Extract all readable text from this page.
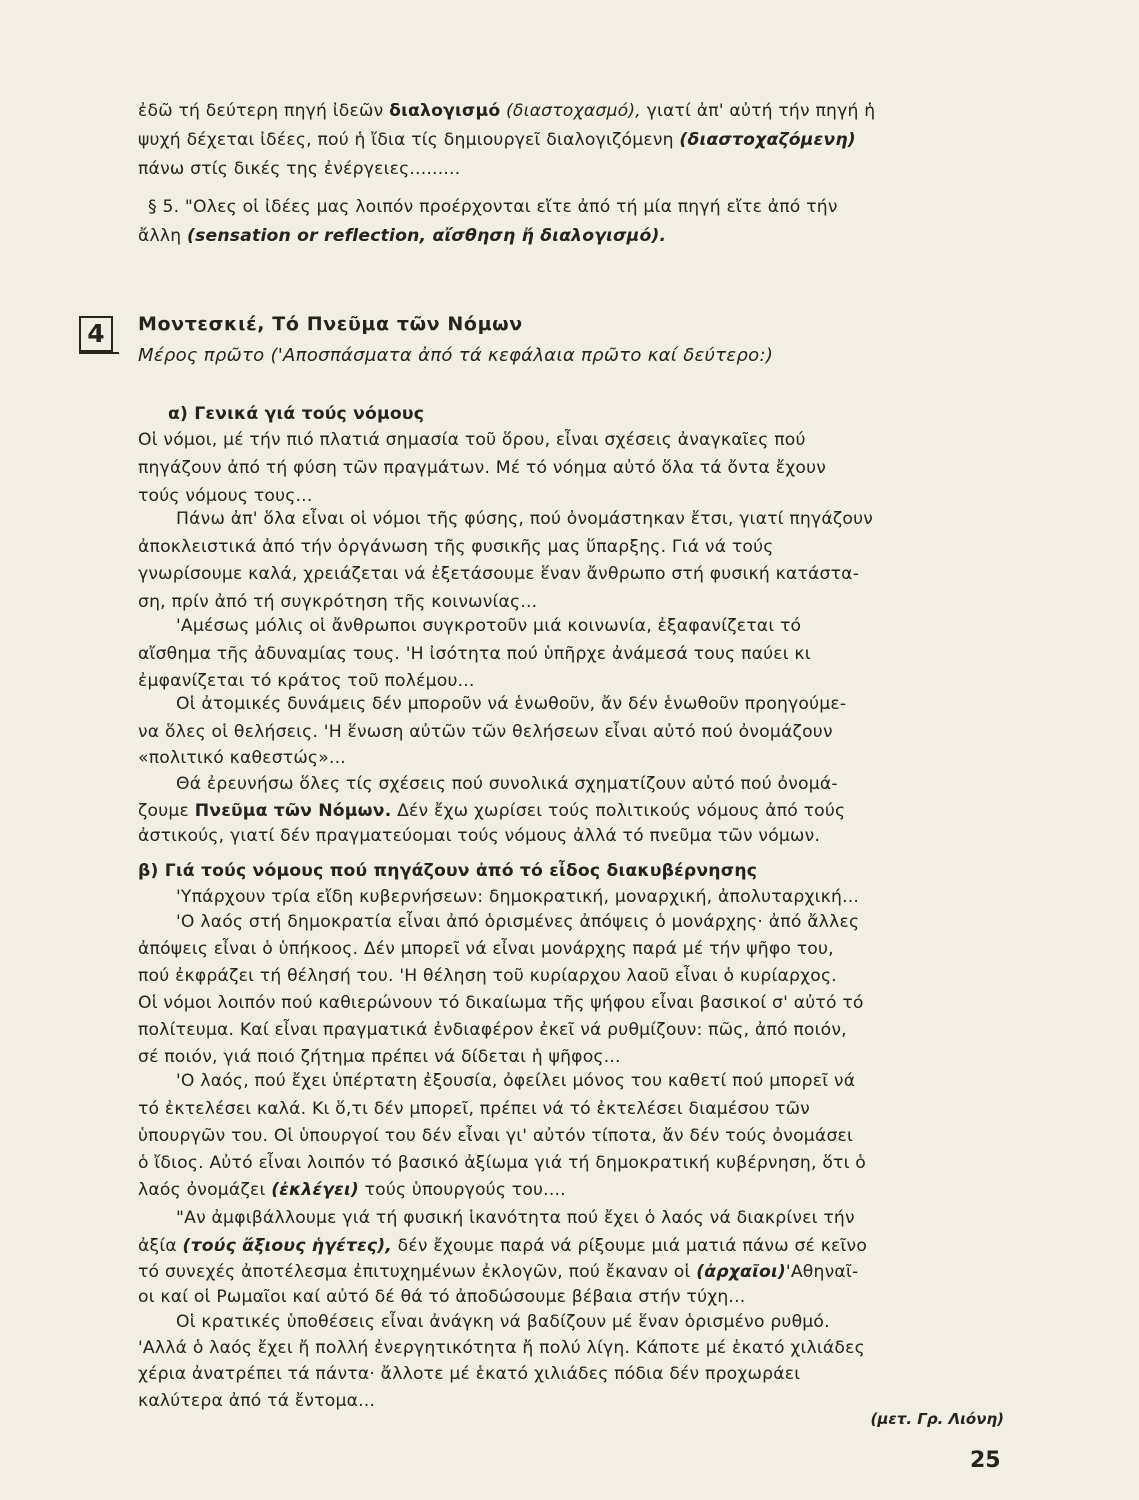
ἐδῶ τή δεύτερη πηγή ἰδεῶν διαλογισμό (διαστοχασμό), γιατί ἀπ' αὐτή τήν πηγή ἡ
ψυχή δέχεται ἰδέες, πού ἡ ἴδια τίς δημιουργεῖ διαλογιζόμενη (διαστοχαζόμενη)
πάνω στίς δικές της ἐνέργειες.........
§ 5. "Ολες οἱ ἰδέες μας λοιπόν προέρχονται εἴτε ἀπό τή μία πηγή εἴτε ἀπό τήν
ἄλλη (sensation or reflection, αἴσθηση ἤ διαλογισμό).
4	Μοντεσκιέ, Τό Πνεῦμα τῶν Νόμων
Μέρος πρῶτο ('Αποσπάσματα ἀπό τά κεφάλαια πρῶτο καί δεύτερο:)
α) Γενικά γιά τούς νόμους
Οἱ νόμοι, μέ τήν πιό πλατιά σημασία τοῦ ὅρου, εἶναι σχέσεις ἀναγκαῖες πού
πηγάζουν ἀπό τή φύση τῶν πραγμάτων. Μέ τό νόημα αὐτό ὅλα τά ὄντα ἔχουν
τούς νόμους τους...
Πάνω ἀπ' ὅλα εἶναι οἱ νόμοι τῆς φύσης, πού ὀνομάστηκαν ἔτσι, γιατί πηγάζουν
ἀποκλειστικά ἀπό τήν ὀργάνωση τῆς φυσικῆς μας ὕπαρξης. Γιά νά τούς
γνωρίσουμε καλά, χρειάζεται νά ἐξετάσουμε ἕναν ἄνθρωπο στή φυσική κατάστα-
ση, πρίν ἀπό τή συγκρότηση τῆς κοινωνίας...
'Αμέσως μόλις οἱ ἄνθρωποι συγκροτοῦν μιά κοινωνία, ἐξαφανίζεται τό
αἴσθημα τῆς ἀδυναμίας τους. 'Η ἰσότητα πού ὑπῆρχε ἀνάμεσά τους παύει κι
ἐμφανίζεται τό κράτος τοῦ πολέμου...
Οἱ ἀτομικές δυνάμεις δέν μποροῦν νά ἑνωθοῦν, ἄν δέν ἑνωθοῦν προηγούμε-
να ὅλες οἱ θελήσεις. 'Η ἕνωση αὐτῶν τῶν θελήσεων εἶναι αὐτό πού ὀνομάζουν
«πολιτικό καθεστώς»...
Θά ἐρευνήσω ὅλες τίς σχέσεις πού συνολικά σχηματίζουν αὐτό πού ὀνομά-
ζουμε Πνεῦμα τῶν Νόμων. Δέν ἔχω χωρίσει τούς πολιτικούς νόμους ἀπό τούς
ἀστικούς, γιατί δέν πραγματεύομαι τούς νόμους ἀλλά τό πνεῦμα τῶν νόμων.
β) Γιά τούς νόμους πού πηγάζουν ἀπό τό εἶδος διακυβέρνησης
'Υπάρχουν τρία εἴδη κυβερνήσεων: δημοκρατική, μοναρχική, ἀπολυταρχική...
'Ο λαός στή δημοκρατία εἶναι ἀπό ὁρισμένες ἀπόψεις ὁ μονάρχης· ἀπό ἄλλες
ἀπόψεις εἶναι ὁ ὑπήκοος. Δέν μπορεῖ νά εἶναι μονάρχης παρά μέ τήν ψῆφο του,
πού ἐκφράζει τή θέλησή του. 'Η θέληση τοῦ κυρίαρχου λαοῦ εἶναι ὁ κυρίαρχος.
Οἱ νόμοι λοιπόν πού καθιερώνουν τό δικαίωμα τῆς ψήφου εἶναι βασικοί σ' αὐτό τό
πολίτευμα. Καί εἶναι πραγματικά ἐνδιαφέρον ἐκεῖ νά ρυθμίζουν: πῶς, ἀπό ποιόν,
σέ ποιόν, γιά ποιό ζήτημα πρέπει νά δίδεται ἡ ψῆφος...
'Ο λαός, πού ἔχει ὑπέρτατη ἐξουσία, ὀφείλει μόνος του καθετί πού μπορεῖ νά
τό ἐκτελέσει καλά. Κι ὅ,τι δέν μπορεῖ, πρέπει νά τό ἐκτελέσει διαμέσου τῶν
ὑπουργῶν του. Οἱ ὑπουργοί του δέν εἶναι γι' αὐτόν τίποτα, ἄν δέν τούς ὀνομάσει
ὁ ἴδιος. Αὐτό εἶναι λοιπόν τό βασικό ἀξίωμα γιά τή δημοκρατική κυβέρνηση, ὅτι ὁ
λαός ὀνομάζει (ἐκλέγει) τούς ὑπουργούς του....
"Αν ἀμφιβάλλουμε γιά τή φυσική ἱκανότητα πού ἔχει ὁ λαός νά διακρίνει τήν
ἀξία (τούς ἄξιους ἡγέτες), δέν ἔχουμε παρά νά ρίξουμε μιά ματιά πάνω σέ κεῖνο
τό συνεχές ἀποτέλεσμα ἐπιτυχημένων ἐκλογῶν, πού ἔκαναν οἱ (ἀρχαῖοι)'Αθηναῖ-
οι καί οἱ Ρωμαῖοι καί αὐτό δέ θά τό ἀποδώσουμε βέβαια στήν τύχη...
Οἱ κρατικές ὑποθέσεις εἶναι ἀνάγκη νά βαδίζουν μέ ἕναν ὁρισμένο ρυθμό.
'Αλλά ὁ λαός ἔχει ἤ πολλή ἐνεργητικότητα ἤ πολύ λίγη. Κάποτε μέ ἑκατό χιλιάδες
χέρια ἀνατρέπει τά πάντα· ἄλλοτε μέ ἑκατό χιλιάδες πόδια δέν προχωράει
καλύτερα ἀπό τά ἔντομα...
(μετ. Γρ. Λιόνη)
25
